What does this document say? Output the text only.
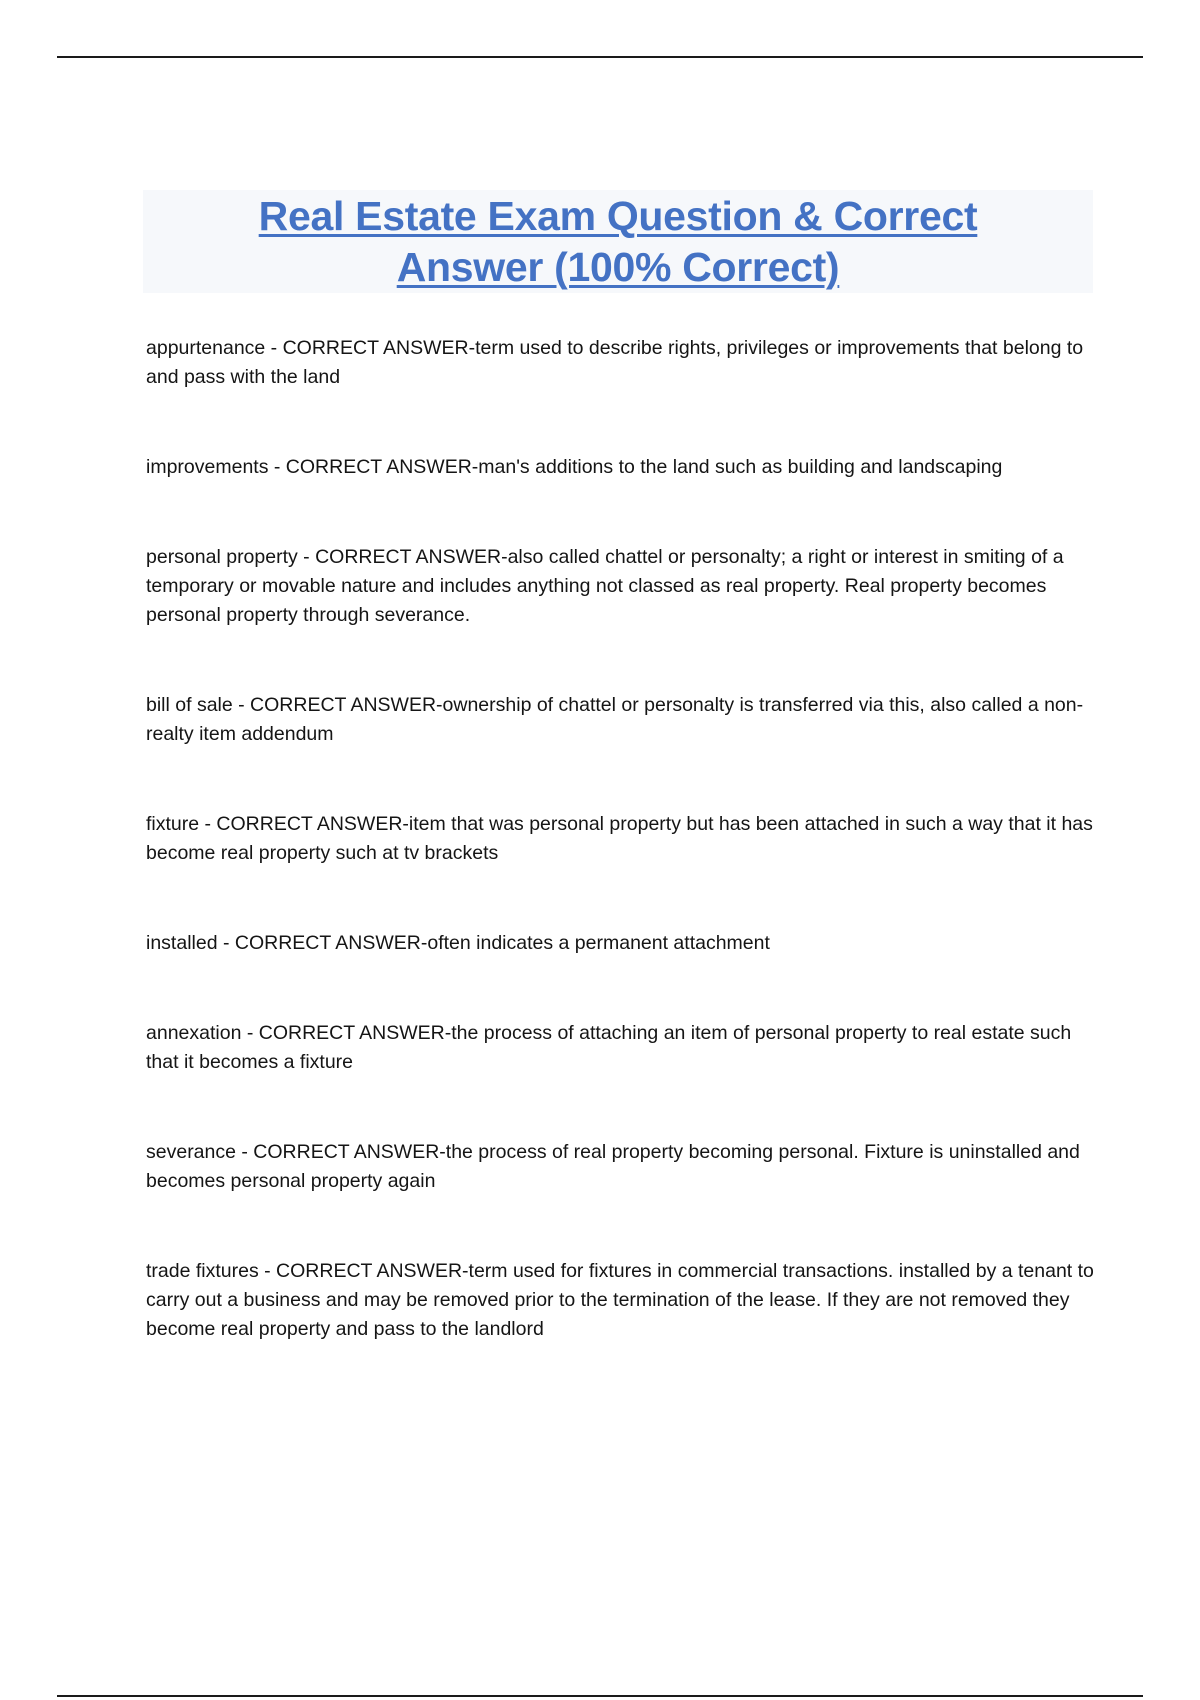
Real Estate Exam Question & Correct
Answer (100% Correct)

appurtenance - CORRECT ANSWER-term used to describe rights, privileges or improvements that belong to and pass with the land

improvements - CORRECT ANSWER-man's additions to the land such as building and landscaping

personal property - CORRECT ANSWER-also called chattel or personalty; a right or interest in smiting of a temporary or movable nature and includes anything not classed as real property. Real property becomes personal property through severance.

bill of sale - CORRECT ANSWER-ownership of chattel or personalty is transferred via this, also called a non-realty item addendum

fixture - CORRECT ANSWER-item that was personal property but has been attached in such a way that it has become real property such at tv brackets

installed - CORRECT ANSWER-often indicates a permanent attachment

annexation - CORRECT ANSWER-the process of attaching an item of personal property to real estate such that it becomes a fixture

severance - CORRECT ANSWER-the process of real property becoming personal. Fixture is uninstalled and becomes personal property again

trade fixtures - CORRECT ANSWER-term used for fixtures in commercial transactions. installed by a tenant to carry out a business and may be removed prior to the termination of the lease. If they are not removed they become real property and pass to the landlord
